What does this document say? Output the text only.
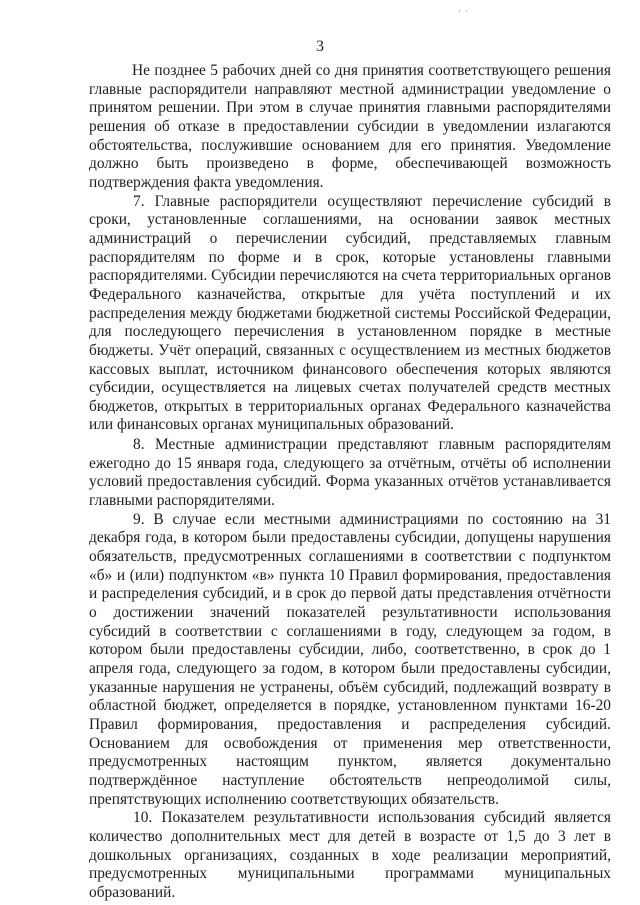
· ·
3

Не позднее 5 рабочих дней со дня принятия соответствующего решения главные распорядители направляют местной администрации уведомление о принятом решении. При этом в случае принятия главными распорядителями решения об отказе в предоставлении субсидии в уведомлении излагаются обстоятельства, послужившие основанием для его принятия. Уведомление должно быть произведено в форме, обеспечивающей возможность подтверждения факта уведомления.

7. Главные распорядители осуществляют перечисление субсидий в сроки, установленные соглашениями, на основании заявок местных администраций о перечислении субсидий, представляемых главным распорядителям по форме и в срок, которые установлены главными распорядителями. Субсидии перечисляются на счета территориальных органов Федерального казначейства, открытые для учёта поступлений и их распределения между бюджетами бюджетной системы Российской Федерации, для последующего перечисления в установленном порядке в местные бюджеты. Учёт операций, связанных с осуществлением из местных бюджетов кассовых выплат, источником финансового обеспечения которых являются субсидии, осуществляется на лицевых счетах получателей средств местных бюджетов, открытых в территориальных органах Федерального казначейства или финансовых органах муниципальных образований.

8. Местные администрации представляют главным распорядителям ежегодно до 15 января года, следующего за отчётным, отчёты об исполнении условий предоставления субсидий. Форма указанных отчётов устанавливается главными распорядителями.

9. В случае если местными администрациями по состоянию на 31 декабря года, в котором были предоставлены субсидии, допущены нарушения обязательств, предусмотренных соглашениями в соответствии с подпунктом «б» и (или) подпунктом «в» пункта 10 Правил формирования, предоставления и распределения субсидий, и в срок до первой даты представления отчётности о достижении значений показателей результативности использования субсидий в соответствии с соглашениями в году, следующем за годом, в котором были предоставлены субсидии, либо, соответственно, в срок до 1 апреля года, следующего за годом, в котором были предоставлены субсидии, указанные нарушения не устранены, объём субсидий, подлежащий возврату в областной бюджет, определяется в порядке, установленном пунктами 16-20 Правил формирования, предоставления и распределения субсидий. Основанием для освобождения от применения мер ответственности, предусмотренных настоящим пунктом, является документально подтверждённое наступление обстоятельств непреодолимой силы, препятствующих исполнению соответствующих обязательств.

10. Показателем результативности использования субсидий является количество дополнительных мест для детей в возрасте от 1,5 до 3 лет в дошкольных организациях, созданных в ходе реализации мероприятий, предусмотренных муниципальными программами муниципальных образований.
